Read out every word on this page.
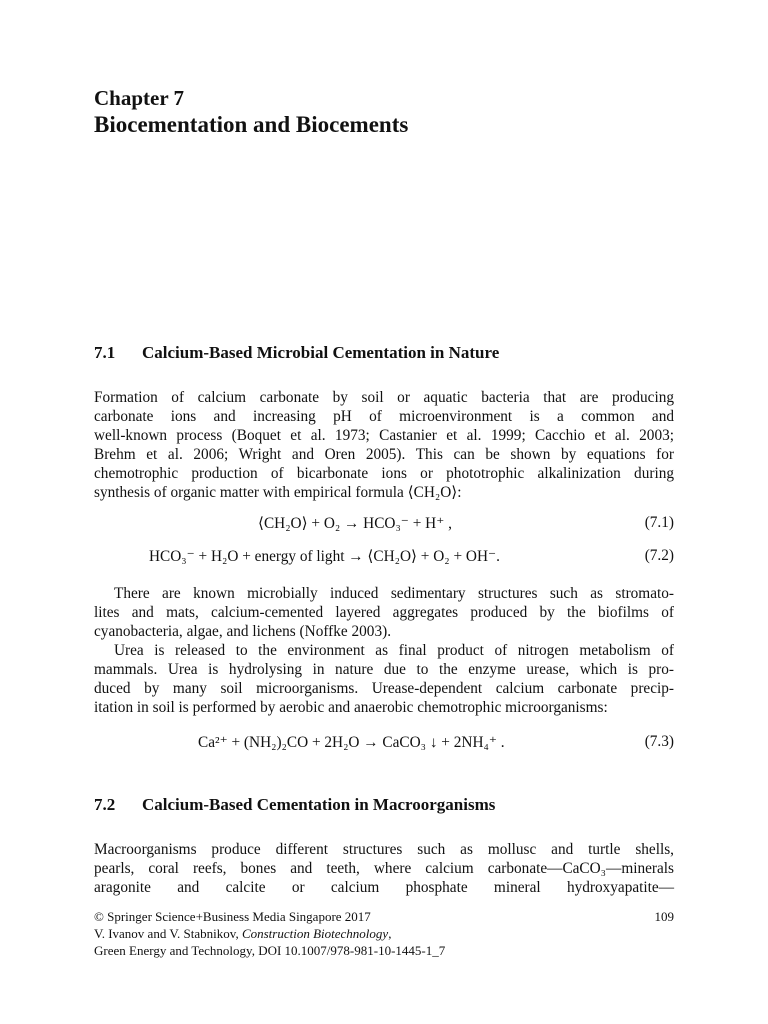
Chapter 7
Biocementation and Biocements
7.1 Calcium-Based Microbial Cementation in Nature
Formation of calcium carbonate by soil or aquatic bacteria that are producing
carbonate ions and increasing pH of microenvironment is a common and
well-known process (Boquet et al. 1973; Castanier et al. 1999; Cacchio et al. 2003;
Brehm et al. 2006; Wright and Oren 2005). This can be shown by equations for
chemotrophic production of bicarbonate ions or phototrophic alkalinization during
synthesis of organic matter with empirical formula ⟨CH₂O⟩:
⟨CH₂O⟩ + O₂ → HCO₃⁻ + H⁺ ,	(7.1)
HCO₃⁻ + H₂O + energy of light → ⟨CH₂O⟩ + O₂ + OH⁻.	(7.2)
There are known microbially induced sedimentary structures such as stromato-
lites and mats, calcium-cemented layered aggregates produced by the biofilms of
cyanobacteria, algae, and lichens (Noffke 2003).
Urea is released to the environment as final product of nitrogen metabolism of
mammals. Urea is hydrolysing in nature due to the enzyme urease, which is pro-
duced by many soil microorganisms. Urease-dependent calcium carbonate precip-
itation in soil is performed by aerobic and anaerobic chemotrophic microorganisms:
Ca²⁺ + (NH₂)₂CO + 2H₂O → CaCO₃ ↓ + 2NH₄⁺ .	(7.3)
7.2 Calcium-Based Cementation in Macroorganisms
Macroorganisms produce different structures such as mollusc and turtle shells,
pearls, coral reefs, bones and teeth, where calcium carbonate—CaCO₃—minerals
aragonite and calcite or calcium phosphate mineral hydroxyapatite—
© Springer Science+Business Media Singapore 2017
V. Ivanov and V. Stabnikov, Construction Biotechnology,
Green Energy and Technology, DOI 10.1007/978-981-10-1445-1_7
109
